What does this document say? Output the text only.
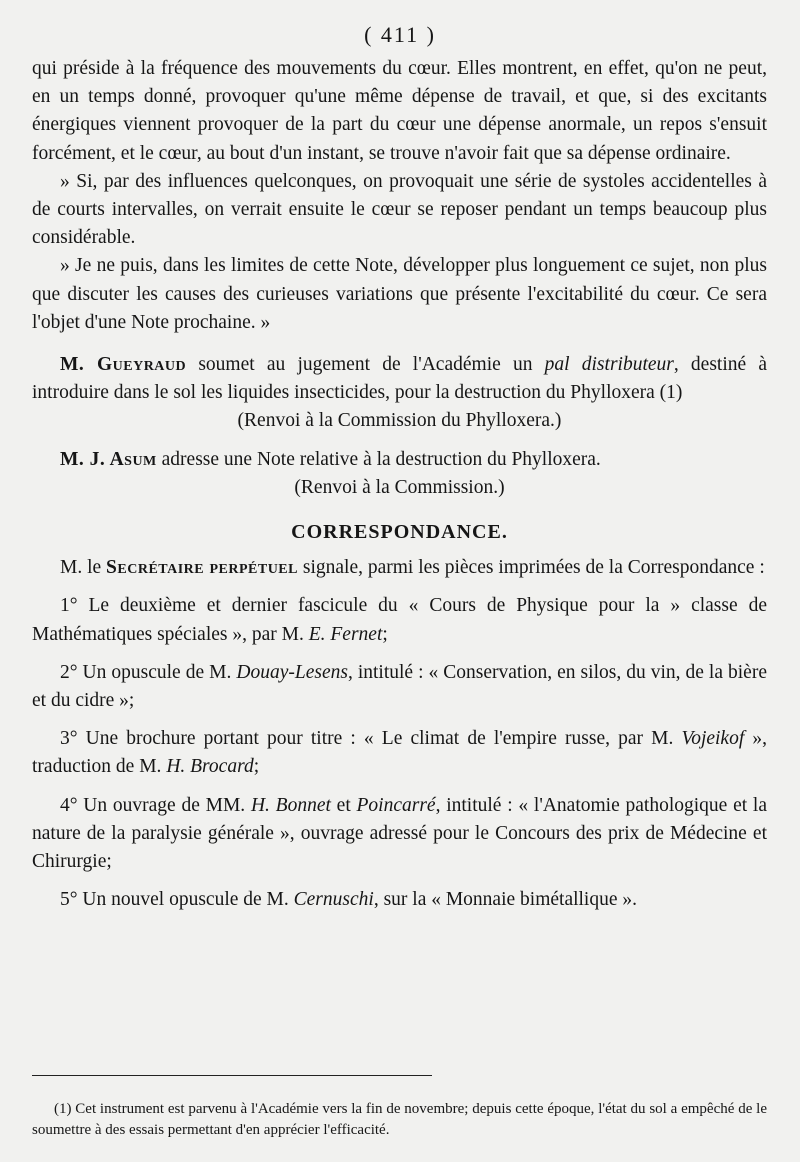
( 411 )

qui préside à la fréquence des mouvements du cœur. Elles montrent, en effet, qu'on ne peut, en un temps donné, provoquer qu'une même dépense de travail, et que, si des excitants énergiques viennent provoquer de la part du cœur une dépense anormale, un repos s'ensuit forcément, et le cœur, au bout d'un instant, se trouve n'avoir fait que sa dépense ordinaire.

» Si, par des influences quelconques, on provoquait une série de systoles accidentelles à de courts intervalles, on verrait ensuite le cœur se reposer pendant un temps beaucoup plus considérable.

» Je ne puis, dans les limites de cette Note, développer plus longuement ce sujet, non plus que discuter les causes des curieuses variations que présente l'excitabilité du cœur. Ce sera l'objet d'une Note prochaine. »

M. Gueyraud soumet au jugement de l'Académie un pal distributeur, destiné à introduire dans le sol les liquides insecticides, pour la destruction du Phylloxera (1)

(Renvoi à la Commission du Phylloxera.)

M. J. Asum adresse une Note relative à la destruction du Phylloxera.

(Renvoi à la Commission.)

CORRESPONDANCE.

M. le Secrétaire perpétuel signale, parmi les pièces imprimées de la Correspondance :

1° Le deuxième et dernier fascicule du « Cours de Physique pour la » classe de Mathématiques spéciales », par M. E. Fernet;

2° Un opuscule de M. Douay-Lesens, intitulé : « Conservation, en silos, du vin, de la bière et du cidre »;

3° Une brochure portant pour titre : « Le climat de l'empire russe, par M. Vojeikof », traduction de M. H. Brocard;

4° Un ouvrage de MM. H. Bonnet et Poincarré, intitulé : « l'Anatomie pathologique et la nature de la paralysie générale », ouvrage adressé pour le Concours des prix de Médecine et Chirurgie;

5° Un nouvel opuscule de M. Cernuschi, sur la « Monnaie bimétallique ».

(1) Cet instrument est parvenu à l'Académie vers la fin de novembre; depuis cette époque, l'état du sol a empêché de le soumettre à des essais permettant d'en apprécier l'efficacité.
